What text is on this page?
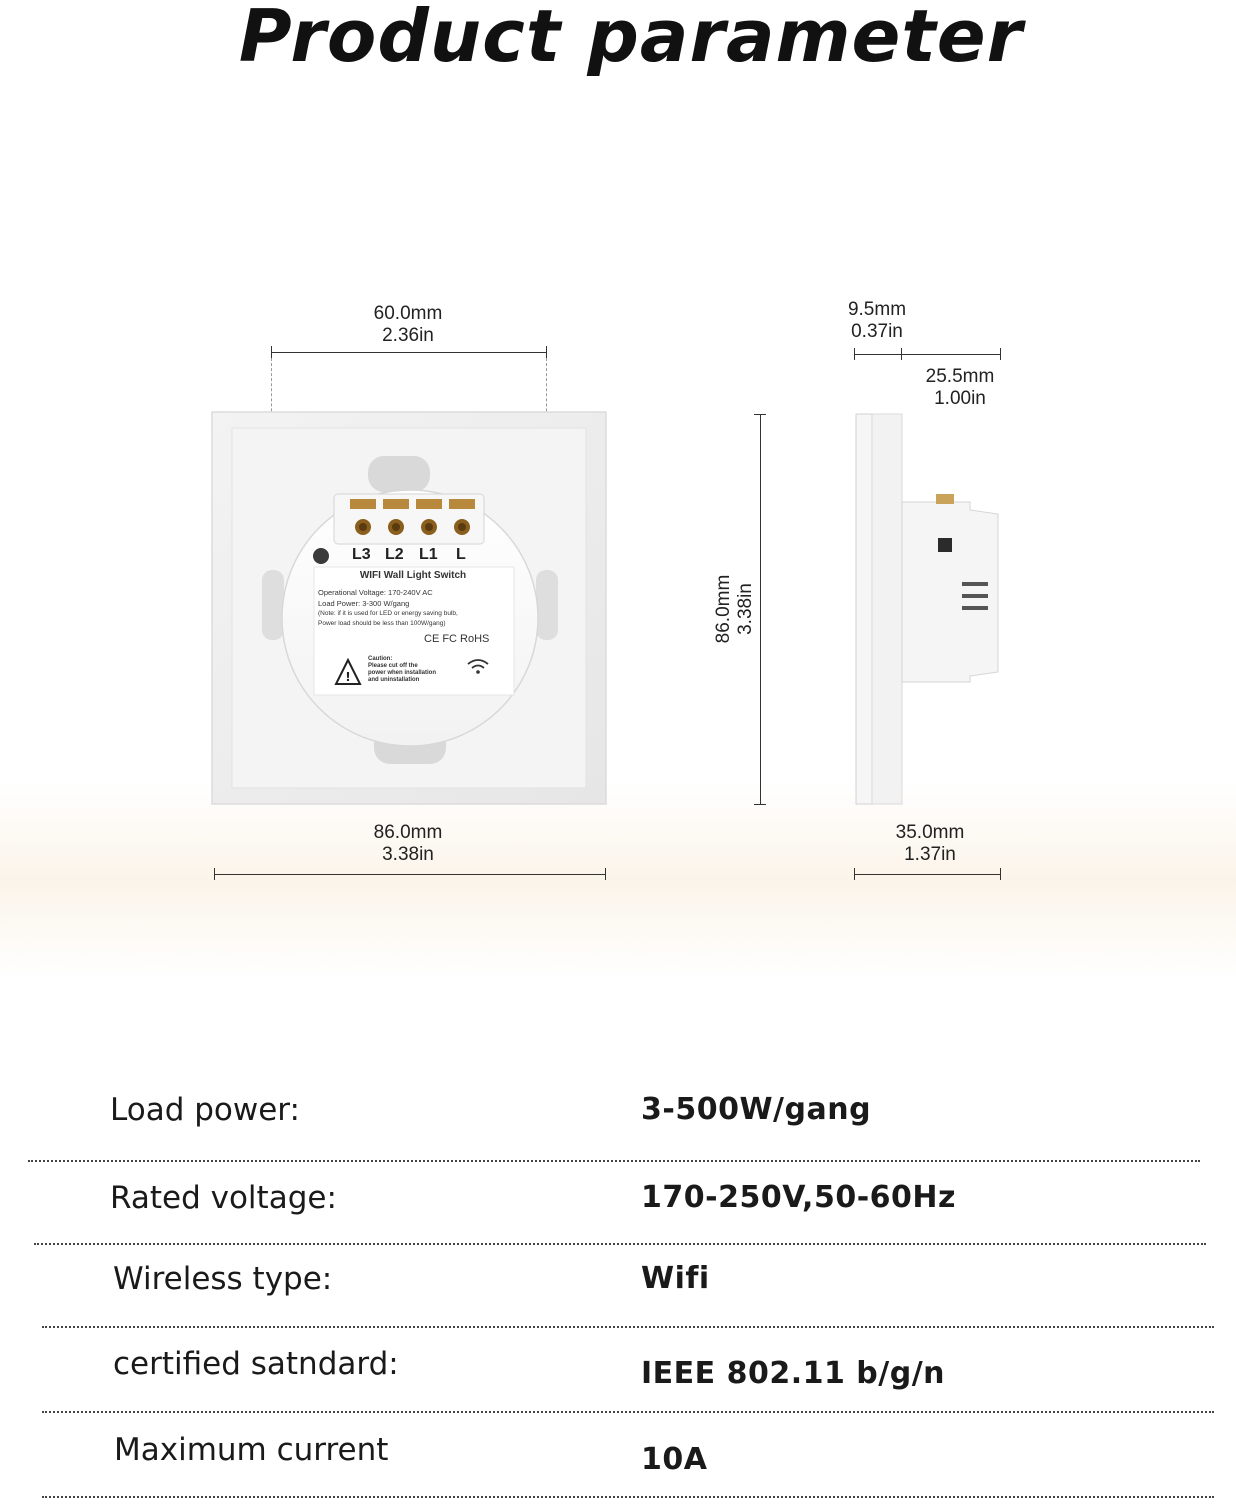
Product parameter
60.0mm
2.36in
!
L3 L2 L1 L
WIFI Wall Light Switch
Operational Voltage: 170-240V AC
Load Power: 3-300 W/gang
(Note: if it is used for LED or energy saving bulb,
Power load should be less than 100W/gang)
CE FC RoHS
Caution:
Please cut off the
power when installation
and uninstallation
86.0mm
3.38in
86.0mm 3.38in
9.5mm
0.37in
25.5mm
1.00in
35.0mm
1.37in
Load power:	3-500W/gang
Rated voltage:	170-250V,50-60Hz
Wireless type:	Wifi
certified satndard:	IEEE 802.11 b/g/n
Maximum current	10A
